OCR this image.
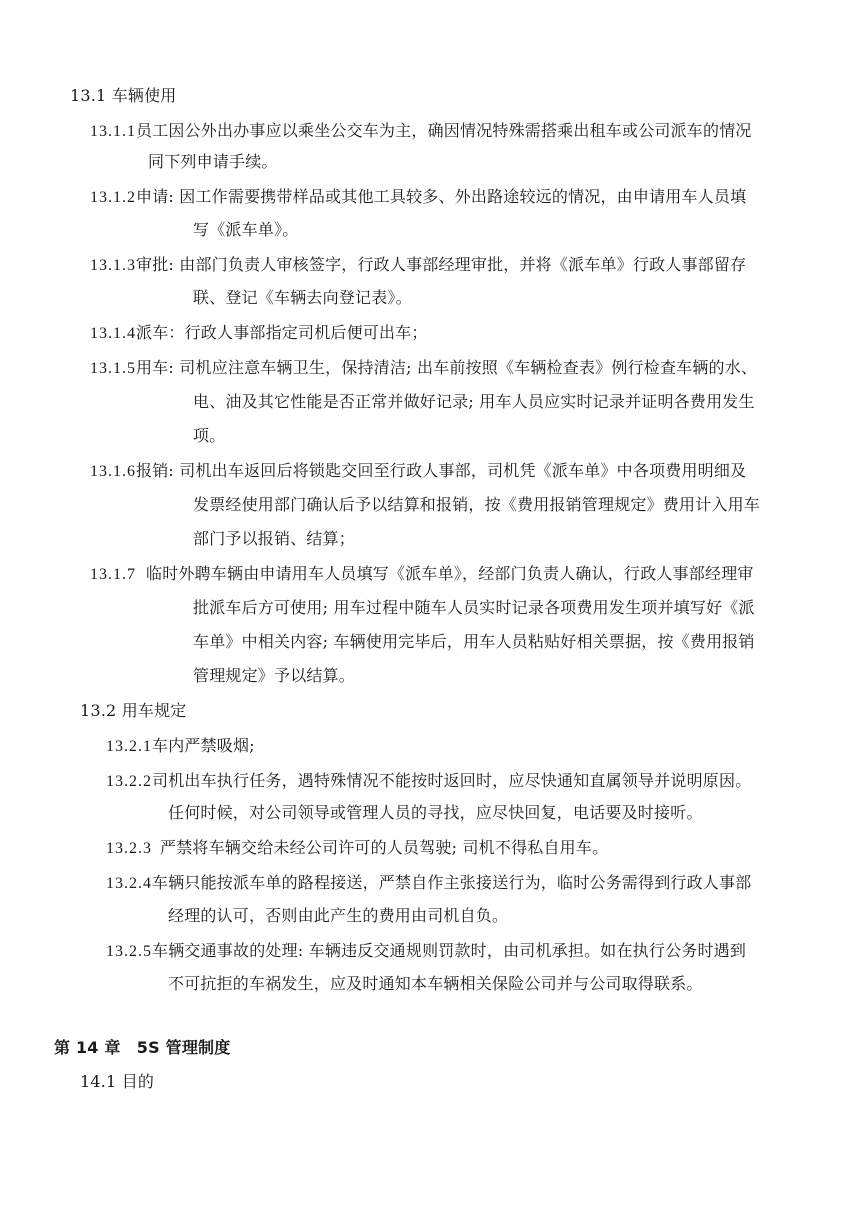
13.1 车辆使用
13.1.1员工因公外出办事应以乘坐公交车为主，确因情况特殊需搭乘出租车或公司派车的情况
同下列申请手续。
13.1.2申请: 因工作需要携带样品或其他工具较多、外出路途较远的情况，由申请用车人员填
写《派车单》。
13.1.3审批: 由部门负责人审核签字，行政人事部经理审批，并将《派车单》行政人事部留存
联、登记《车辆去向登记表》。
13.1.4派车：行政人事部指定司机后便可出车；
13.1.5用车: 司机应注意车辆卫生，保持清洁; 出车前按照《车辆检查表》例行检查车辆的水、
电、油及其它性能是否正常并做好记录; 用车人员应实时记录并证明各费用发生
项。
13.1.6报销: 司机出车返回后将锁匙交回至行政人事部，司机凭《派车单》中各项费用明细及
发票经使用部门确认后予以结算和报销，按《费用报销管理规定》费用计入用车
部门予以报销、结算；
13.1.7 临时外聘车辆由申请用车人员填写《派车单》，经部门负责人确认，行政人事部经理审
批派车后方可使用; 用车过程中随车人员实时记录各项费用发生项并填写好《派
车单》中相关内容; 车辆使用完毕后，用车人员粘贴好相关票据，按《费用报销
管理规定》予以结算。
13.2 用车规定
13.2.1车内严禁吸烟;
13.2.2司机出车执行任务，遇特殊情况不能按时返回时，应尽快通知直属领导并说明原因。
任何时候，对公司领导或管理人员的寻找，应尽快回复，电话要及时接听。
13.2.3 严禁将车辆交给未经公司许可的人员驾驶; 司机不得私自用车。
13.2.4车辆只能按派车单的路程接送，严禁自作主张接送行为，临时公务需得到行政人事部
经理的认可，否则由此产生的费用由司机自负。
13.2.5车辆交通事故的处理: 车辆违反交通规则罚款时，由司机承担。如在执行公务时遇到
不可抗拒的车祸发生，应及时通知本车辆相关保险公司并与公司取得联系。
第 14 章　5S 管理制度
14.1 目的
